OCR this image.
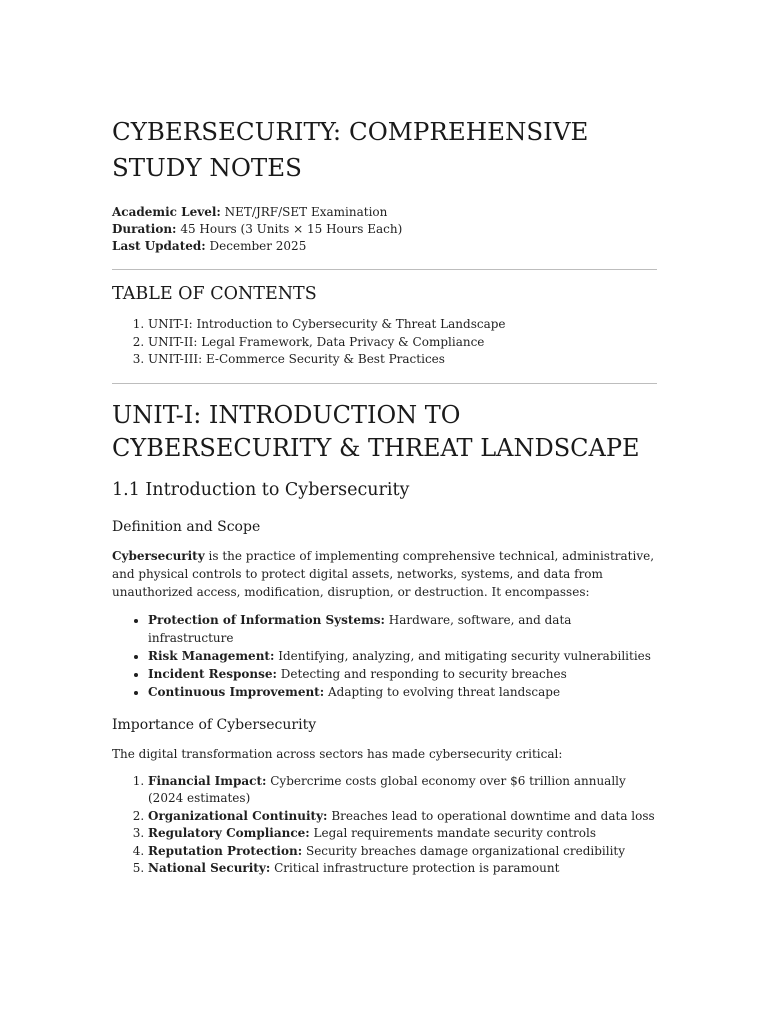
CYBERSECURITY: COMPREHENSIVE STUDY NOTES
Academic Level: NET/JRF/SET Examination
Duration: 45 Hours (3 Units × 15 Hours Each)
Last Updated: December 2025
TABLE OF CONTENTS
1. UNIT-I: Introduction to Cybersecurity & Threat Landscape
2. UNIT-II: Legal Framework, Data Privacy & Compliance
3. UNIT-III: E-Commerce Security & Best Practices
UNIT-I: INTRODUCTION TO CYBERSECURITY & THREAT LANDSCAPE
1.1 Introduction to Cybersecurity
Definition and Scope

Cybersecurity is the practice of implementing comprehensive technical, administrative, and physical controls to protect digital assets, networks, systems, and data from unauthorized access, modification, disruption, or destruction. It encompasses:

• Protection of Information Systems: Hardware, software, and data infrastructure
• Risk Management: Identifying, analyzing, and mitigating security vulnerabilities
• Incident Response: Detecting and responding to security breaches
• Continuous Improvement: Adapting to evolving threat landscape
Importance of Cybersecurity

The digital transformation across sectors has made cybersecurity critical:

1. Financial Impact: Cybercrime costs global economy over $6 trillion annually (2024 estimates)
2. Organizational Continuity: Breaches lead to operational downtime and data loss
3. Regulatory Compliance: Legal requirements mandate security controls
4. Reputation Protection: Security breaches damage organizational credibility
5. National Security: Critical infrastructure protection is paramount
